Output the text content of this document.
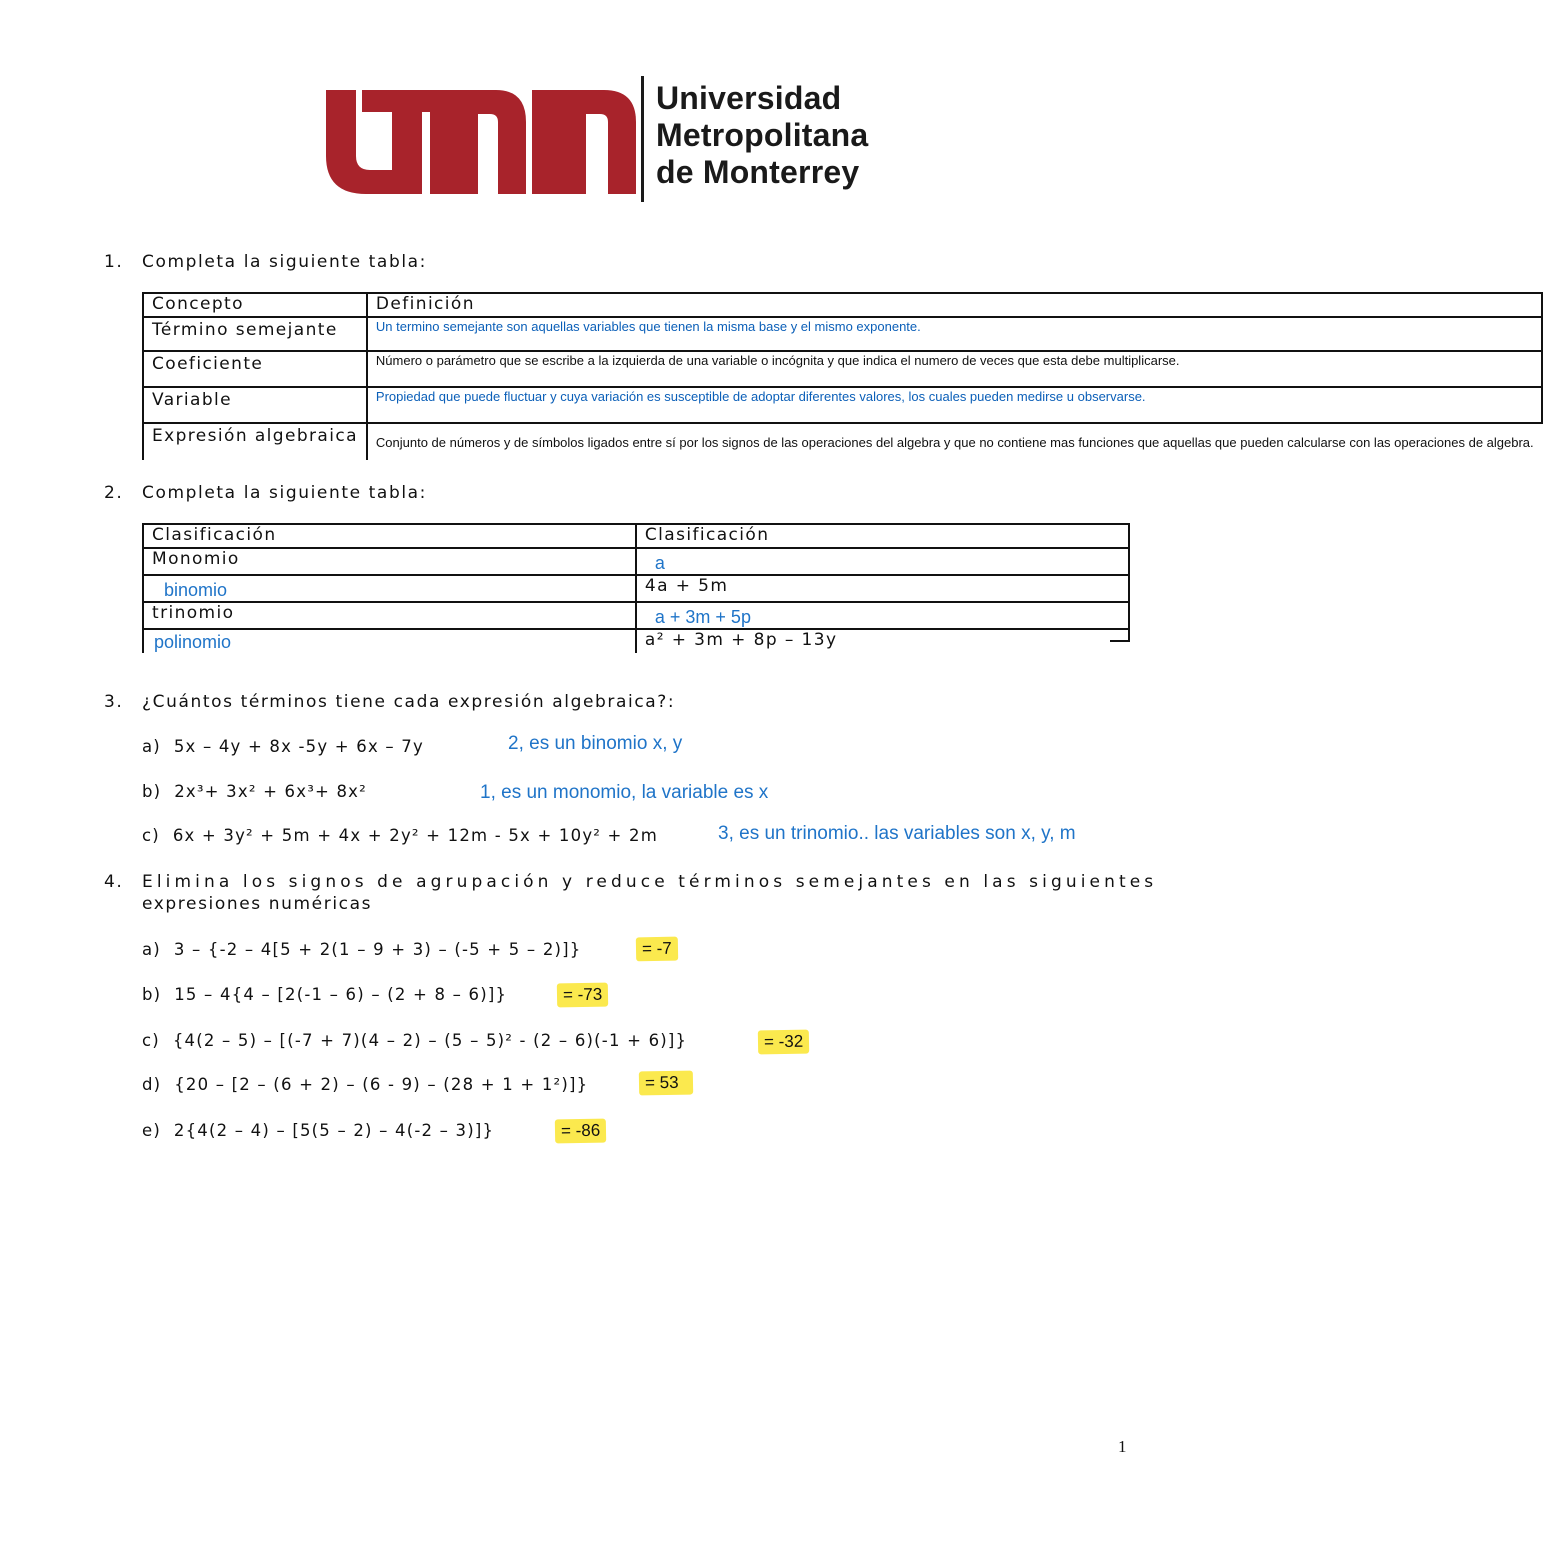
Universidad
Metropolitana
de Monterrey
1. Completa la siguiente tabla:
Concepto	Definición
Término semejante	Un termino semejante son aquellas variables que tienen la misma base y el mismo exponente.
Coeficiente	Número o parámetro que se escribe a la izquierda de una variable o incógnita y que indica el numero de veces que esta debe multiplicarse.
Variable	Propiedad que puede fluctuar y cuya variación es susceptible de adoptar diferentes valores, los cuales pueden medirse u observarse.
Expresión algebraica	Conjunto de números y de símbolos ligados entre sí por los signos de las operaciones del algebra y que no contiene mas funciones que aquellas que pueden calcularse con las operaciones de algebra.
2. Completa la siguiente tabla:
Clasificación	Clasificación
Monomio	a
binomio	4a + 5m
trinomio	a + 3m + 5p
polinomio	a² + 3m + 8p – 13y
3. ¿Cuántos términos tiene cada expresión algebraica?:
a) 5x – 4y + 8x -5y + 6x – 7y	2, es un binomio x, y
b) 2x³+ 3x² + 6x³+ 8x²	1, es un monomio, la variable es x
c) 6x + 3y² + 5m + 4x + 2y² + 12m - 5x + 10y² + 2m	3, es un trinomio.. las variables son x, y, m
4. Elimina los signos de agrupación y reduce términos semejantes en las siguientes
expresiones numéricas
a) 3 – {-2 – 4[5 + 2(1 – 9 + 3) – (-5 + 5 – 2)]}	= -7
b) 15 – 4{4 – [2(-1 – 6) – (2 + 8 – 6)]}	= -73
c) {4(2 – 5) – [(-7 + 7)(4 – 2) – (5 – 5)² - (2 – 6)(-1 + 6)]}	= -32
d) {20 – [2 – (6 + 2) – (6 - 9) – (28 + 1 + 1²)]}	= 53
e) 2{4(2 – 4) – [5(5 – 2) – 4(-2 – 3)]}	= -86
1
